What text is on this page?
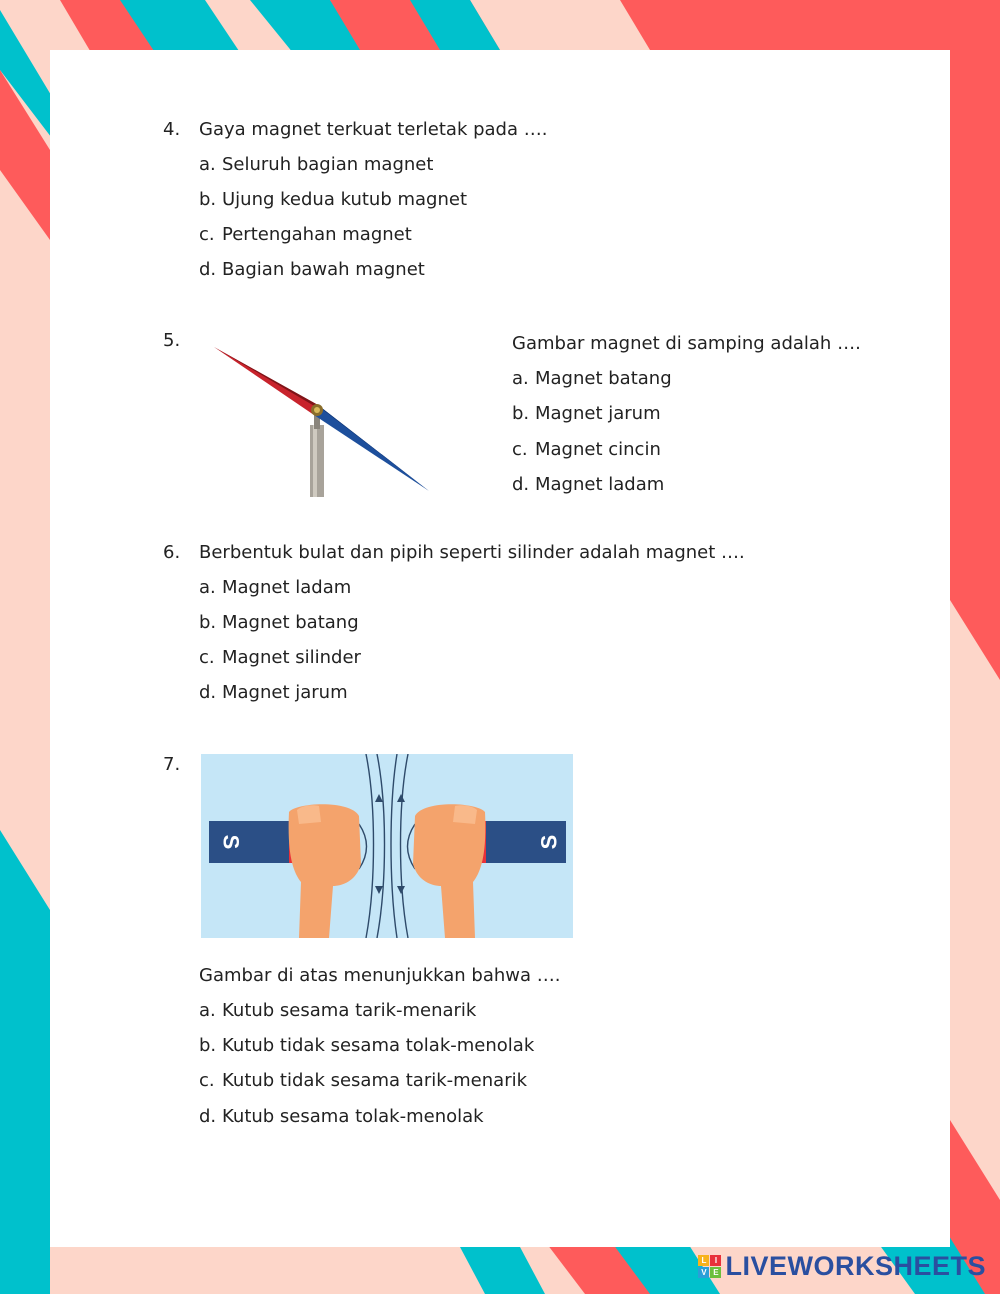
4. Gaya magnet terkuat terletak pada ….
a. Seluruh bagian magnet
b. Ujung kedua kutub magnet
c. Pertengahan magnet
d. Bagian bawah magnet
5.	Gambar magnet di samping adalah ….
a. Magnet batang
b. Magnet jarum
c. Magnet cincin
d. Magnet ladam
6. Berbentuk bulat dan pipih seperti silinder adalah magnet ….
a. Magnet ladam
b. Magnet batang
c. Magnet silinder
d. Magnet jarum
7.
S	S
Gambar di atas menunjukkan bahwa ….
a. Kutub sesama tarik-menarik
b. Kutub tidak sesama tolak-menolak
c. Kutub tidak sesama tarik-menarik
d. Kutub sesama tolak-menolak
L	I
V E LIVEWORKSHEETS
